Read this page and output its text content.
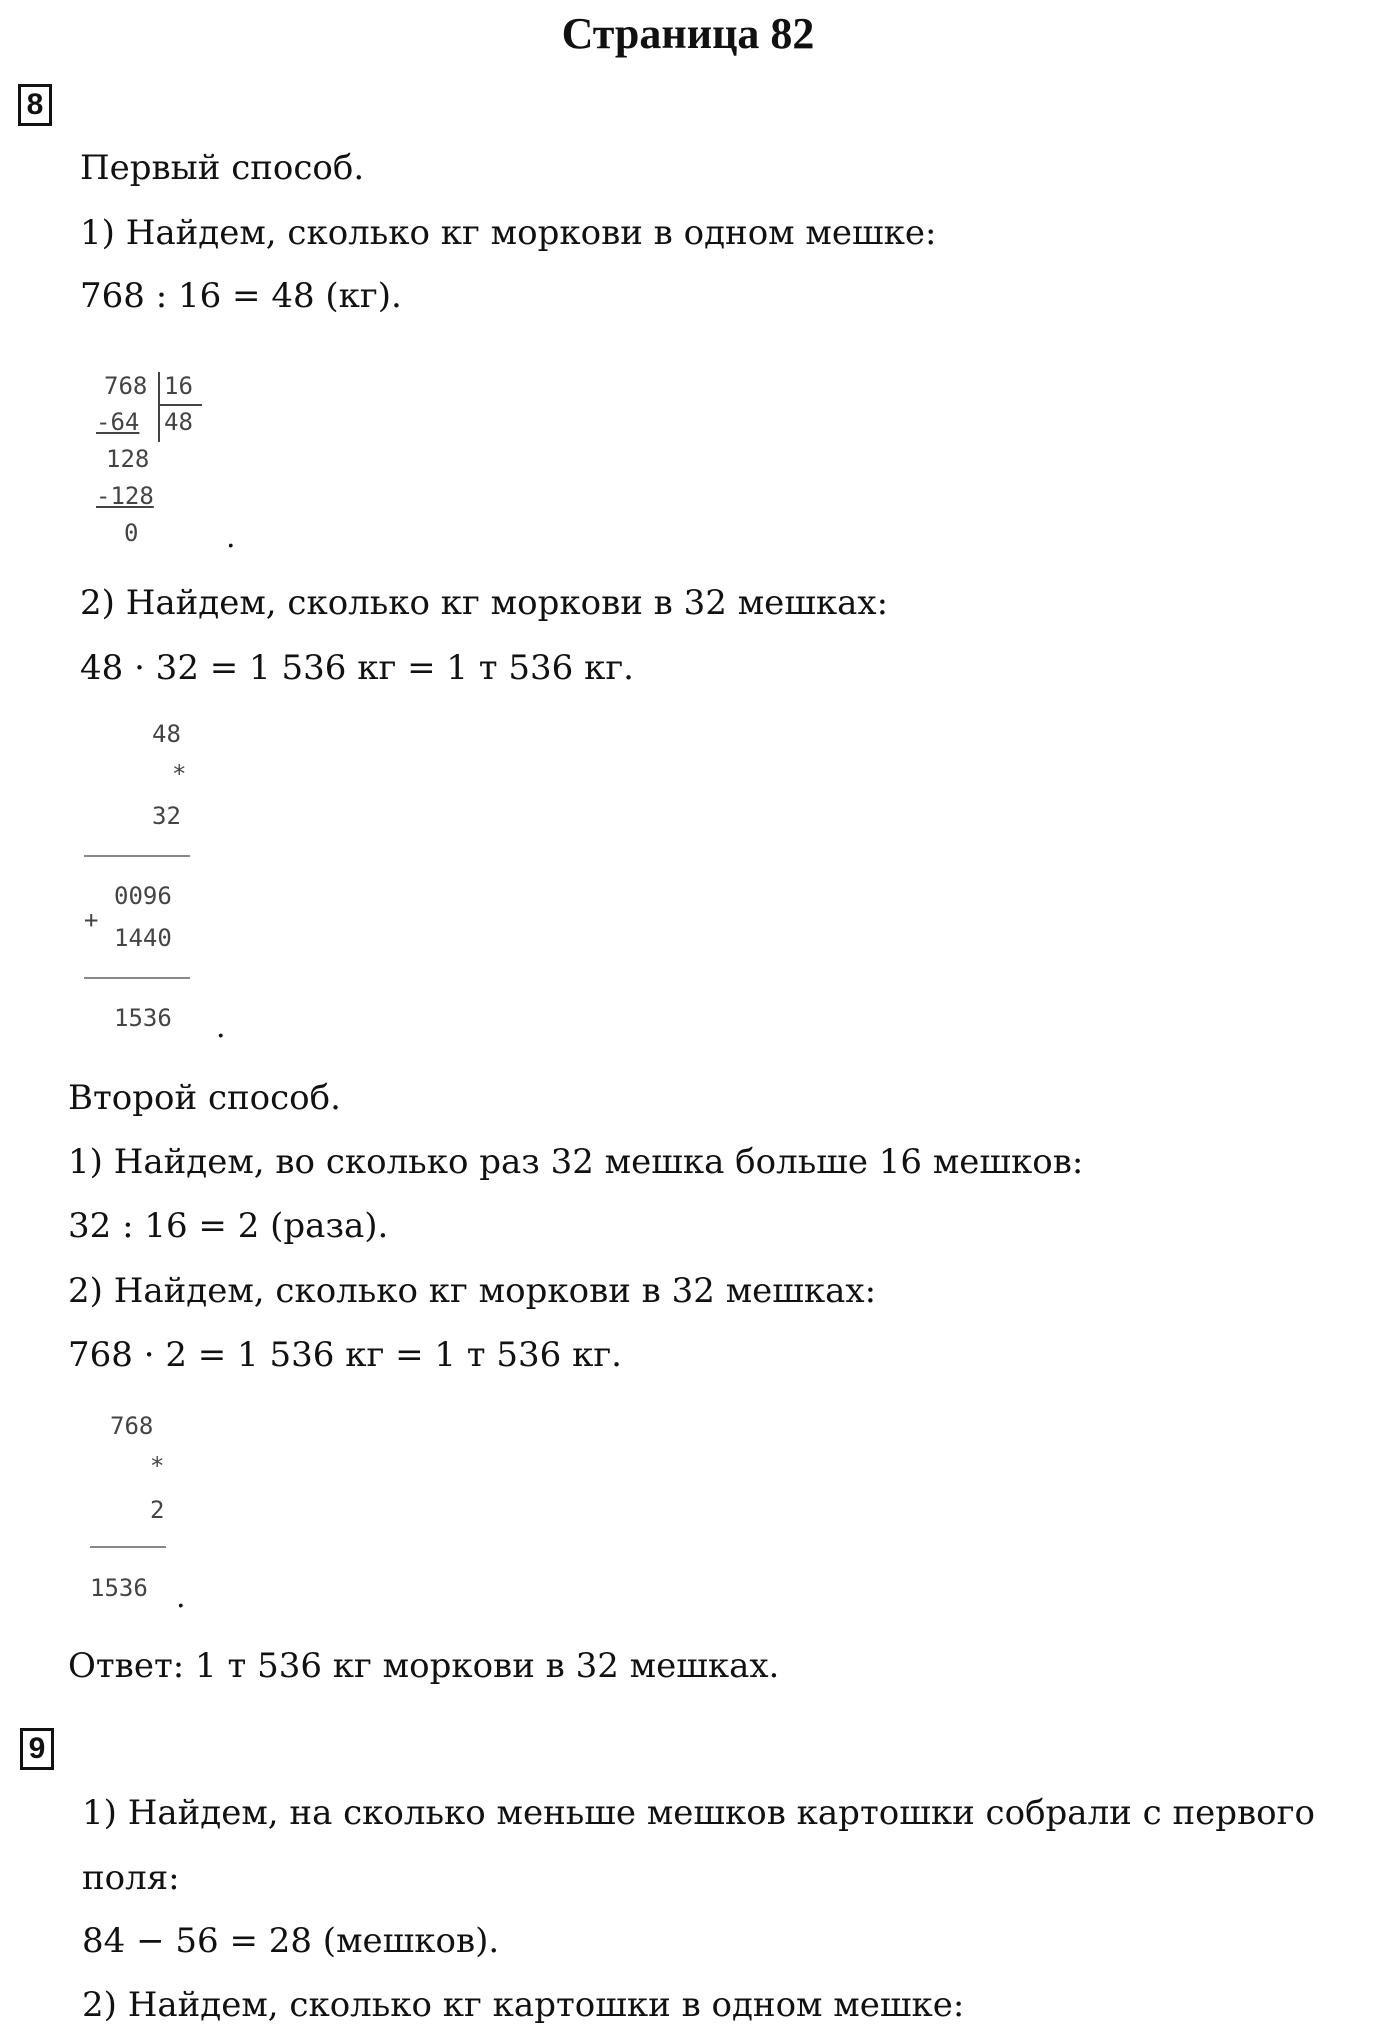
Страница 82
8
Первый способ.
1) Найдем, сколько кг моркови в одном мешке:
768 : 16 = 48 (кг).
768 16
48
-64
128
-128
0	.
2) Найдем, сколько кг моркови в 32 мешках:
48 · 32 = 1 536 кг = 1 т 536 кг.
48
*
32
+
0096
1440
1536 .
Второй способ.
1) Найдем, во сколько раз 32 мешка больше 16 мешков:
32 : 16 = 2 (раза).
2) Найдем, сколько кг моркови в 32 мешках:
768 · 2 = 1 536 кг = 1 т 536 кг.
768
*
2
1536 .
Ответ: 1 т 536 кг моркови в 32 мешках.
9
1) Найдем, на сколько меньше мешков картошки собрали с первого
поля:
84 − 56 = 28 (мешков).
2) Найдем, сколько кг картошки в одном мешке:
